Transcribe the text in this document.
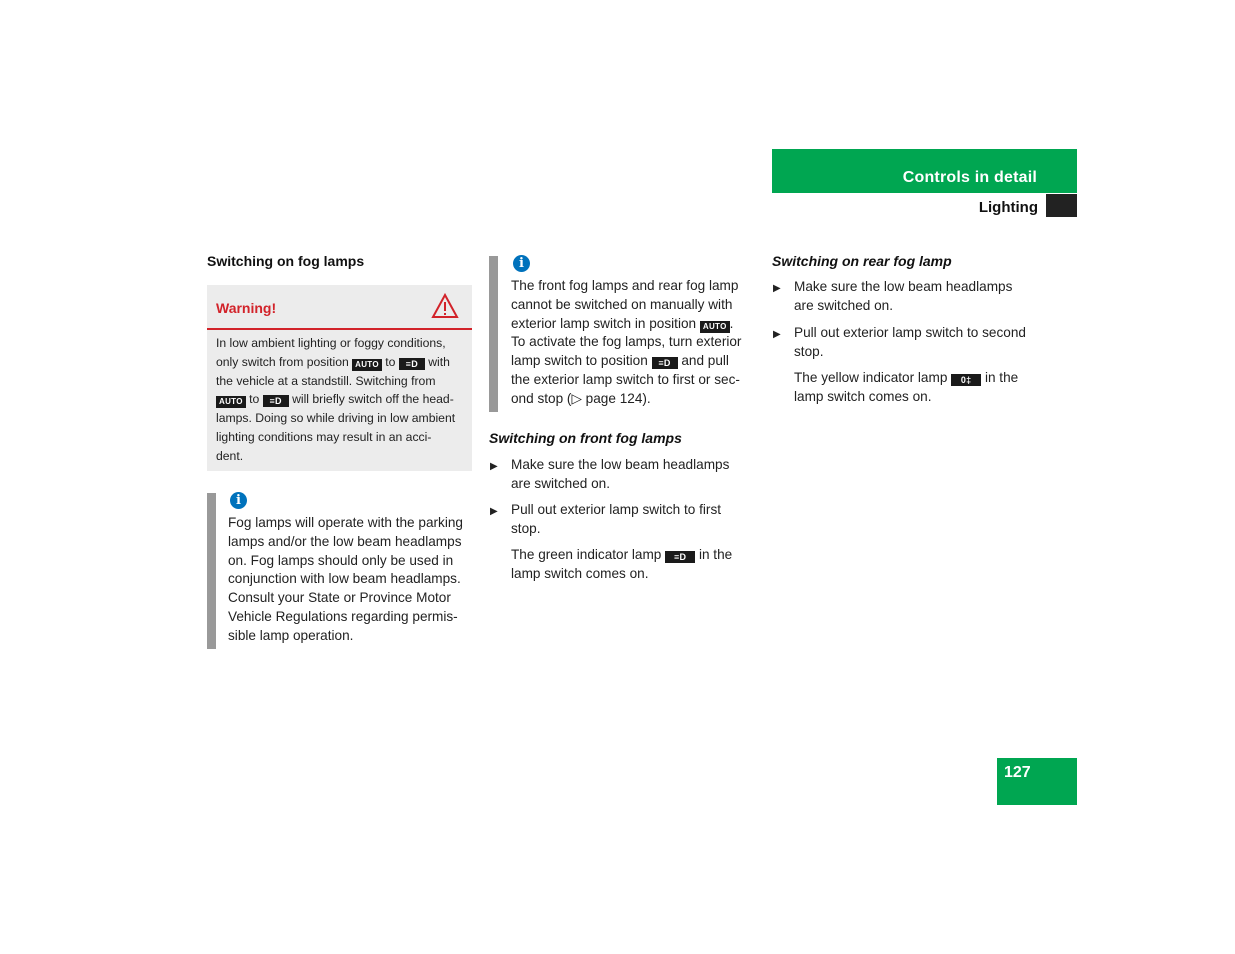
Controls in detail
Lighting
Switching on fog lamps
Warning!
In low ambient lighting or foggy conditions,
only switch from position AUTO to ≡D with
the vehicle at a standstill. Switching from
AUTO to ≡D will briefly switch off the head-
lamps. Doing so while driving in low ambient
lighting conditions may result in an acci-
dent.
i
Fog lamps will operate with the parking
lamps and/or the low beam headlamps
on. Fog lamps should only be used in
conjunction with low beam headlamps.
Consult your State or Province Motor
Vehicle Regulations regarding permis-
sible lamp operation.
i
The front fog lamps and rear fog lamp
cannot be switched on manually with
exterior lamp switch in position AUTO .
To activate the fog lamps, turn exterior
lamp switch to position ≡D and pull
the exterior lamp switch to first or sec-
ond stop (▷ page 124).
Switching on front fog lamps
▶ Make sure the low beam headlamps
are switched on.
▶ Pull out exterior lamp switch to first
stop.
The green indicator lamp ≡D in the
lamp switch comes on.
Switching on rear fog lamp
▶ Make sure the low beam headlamps
are switched on.
▶ Pull out exterior lamp switch to second
stop.
The yellow indicator lamp 0‡ in the
lamp switch comes on.
127
